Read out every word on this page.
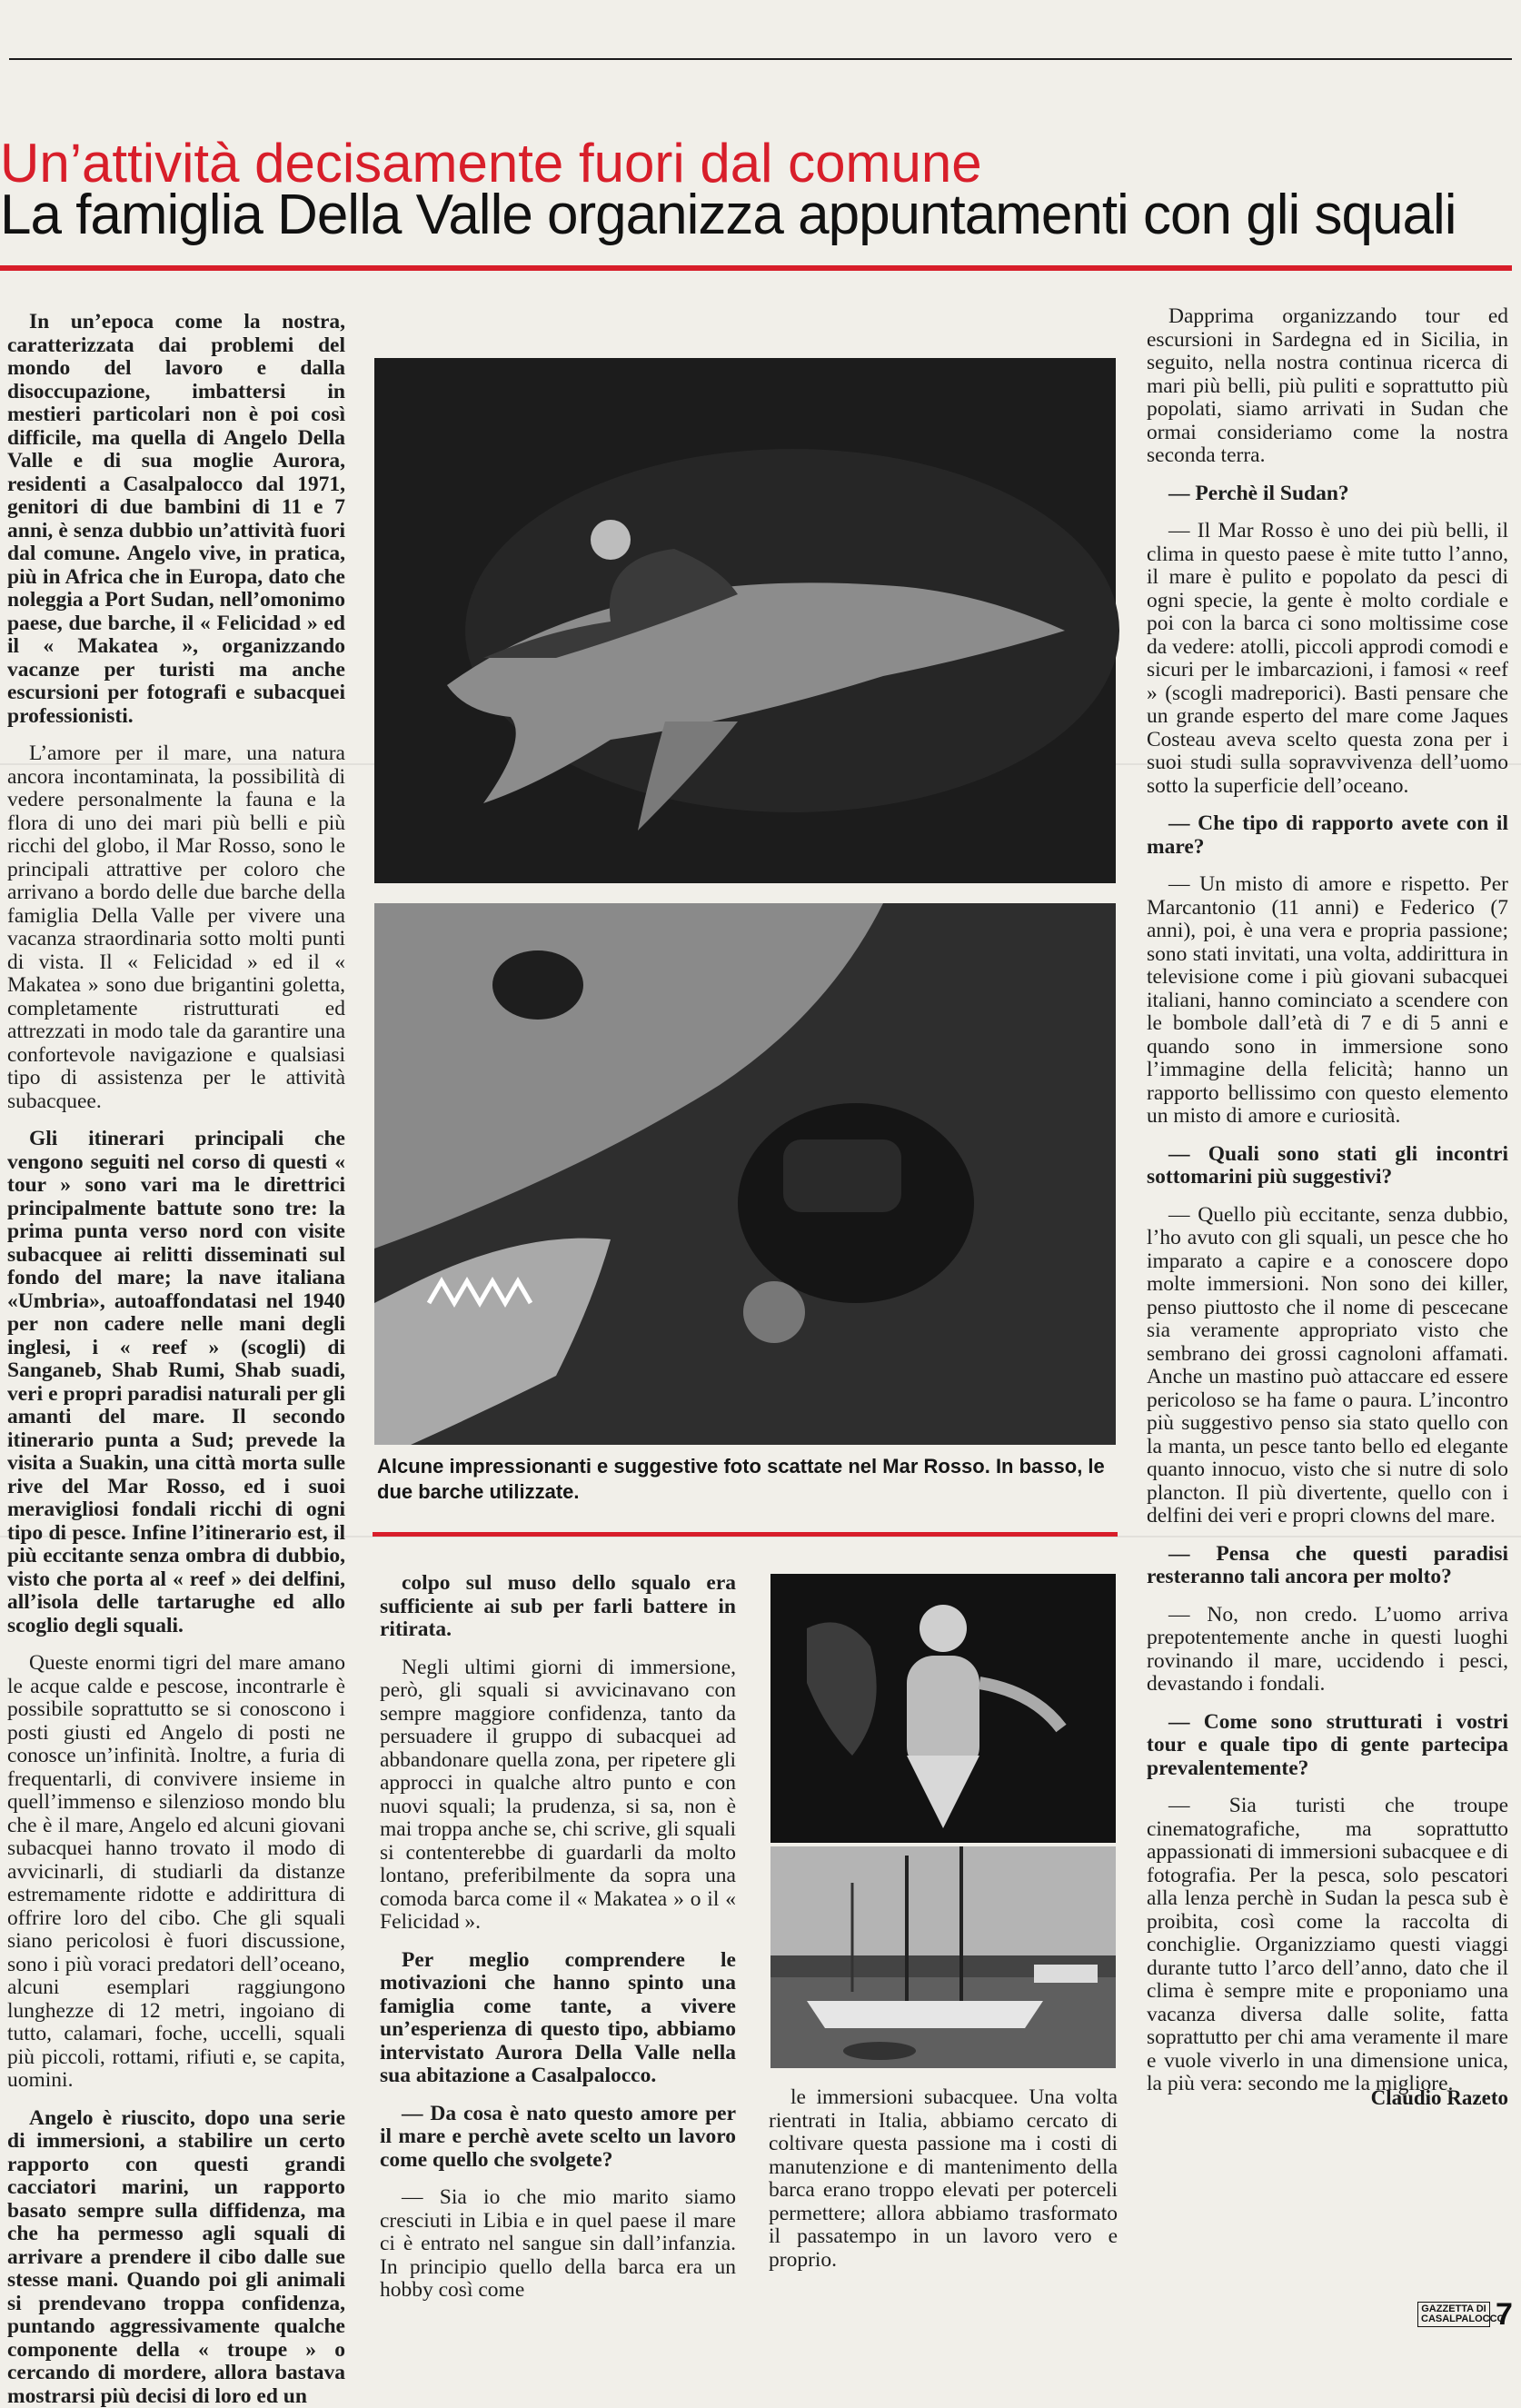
Un’attività decisamente fuori dal comune
La famiglia Della Valle organizza appuntamenti con gli squali

In un’epoca come la nostra, caratterizzata dai problemi del mondo del lavoro e dalla disoccupazione, imbattersi in mestieri particolari non è poi così difficile, ma quella di Angelo Della Valle e di sua moglie Aurora, residenti a Casalpalocco dal 1971, genitori di due bambini di 11 e 7 anni, è senza dubbio un’attività fuori dal comune. Angelo vive, in pratica, più in Africa che in Europa, dato che noleggia a Port Sudan, nell’omonimo paese, due barche, il « Felicidad » ed il « Makatea », organizzando vacanze per turisti ma anche escursioni per fotografi e subacquei professionisti.

L’amore per il mare, una natura ancora incontaminata, la possibilità di vedere personalmente la fauna e la flora di uno dei mari più belli e più ricchi del globo, il Mar Rosso, sono le principali attrattive per coloro che arrivano a bordo delle due barche della famiglia Della Valle per vivere una vacanza straordinaria sotto molti punti di vista. Il « Felicidad » ed il « Makatea » sono due brigantini goletta, completamente ristrutturati ed attrezzati in modo tale da garantire una confortevole navigazione e qualsiasi tipo di assistenza per le attività subacquee.

Gli itinerari principali che vengono seguiti nel corso di questi « tour » sono vari ma le direttrici principalmente battute sono tre: la prima punta verso nord con visite subacquee ai relitti disseminati sul fondo del mare; la nave italiana «Umbria», autoaffondatasi nel 1940 per non cadere nelle mani degli inglesi, i « reef » (scogli) di Sanganeb, Shab Rumi, Shab suadi, veri e propri paradisi naturali per gli amanti del mare. Il secondo itinerario punta a Sud; prevede la visita a Suakin, una città morta sulle rive del Mar Rosso, ed i suoi meravigliosi fondali ricchi di ogni tipo di pesce. Infine l’itinerario est, il più eccitante senza ombra di dubbio, visto che porta al « reef » dei delfini, all’isola delle tartarughe ed allo scoglio degli squali.

Queste enormi tigri del mare amano le acque calde e pescose, incontrarle è possibile soprattutto se si conoscono i posti giusti ed Angelo di posti ne conosce un’infinità. Inoltre, a furia di frequentarli, di convivere insieme in quell’immenso e silenzioso mondo blu che è il mare, Angelo ed alcuni giovani subacquei hanno trovato il modo di avvicinarli, di studiarli da distanze estremamente ridotte e addirittura di offrire loro del cibo. Che gli squali siano pericolosi è fuori discussione, sono i più voraci predatori dell’oceano, alcuni esemplari raggiungono lunghezze di 12 metri, ingoiano di tutto, calamari, foche, uccelli, squali più piccoli, rottami, rifiuti e, se capita, uomini.

Angelo è riuscito, dopo una serie di immersioni, a stabilire un certo rapporto con questi grandi cacciatori marini, un rapporto basato sempre sulla diffidenza, ma che ha permesso agli squali di arrivare a prendere il cibo dalle sue stesse mani. Quando poi gli animali si prendevano troppa confidenza, puntando aggressivamente qualche componente della « troupe » o cercando di mordere, allora bastava mostrarsi più decisi di loro ed un

Alcune impressionanti e suggestive foto scattate nel Mar Rosso. In basso, le due barche utilizzate.

colpo sul muso dello squalo era sufficiente ai sub per farli battere in ritirata.

Negli ultimi giorni di immersione, però, gli squali si avvicinavano con sempre maggiore confidenza, tanto da persuadere il gruppo di subacquei ad abbandonare quella zona, per ripetere gli approcci in qualche altro punto e con nuovi squali; la prudenza, si sa, non è mai troppa anche se, chi scrive, gli squali si contenterebbe di guardarli da molto lontano, preferibilmente da sopra una comoda barca come il « Makatea » o il « Felicidad ».

Per meglio comprendere le motivazioni che hanno spinto una famiglia come tante, a vivere un’esperienza di questo tipo, abbiamo intervistato Aurora Della Valle nella sua abitazione a Casalpalocco.

— Da cosa è nato questo amore per il mare e perchè avete scelto un lavoro come quello che svolgete?

— Sia io che mio marito siamo cresciuti in Libia e in quel paese il mare ci è entrato nel sangue sin dall’infanzia. In principio quello della barca era un hobby così come

le immersioni subacquee. Una volta rientrati in Italia, abbiamo cercato di coltivare questa passione ma i costi di manutenzione e di mantenimento della barca erano troppo elevati per poterceli permettere; allora abbiamo trasformato il passatempo in un lavoro vero e proprio.

Dapprima organizzando tour ed escursioni in Sardegna ed in Sicilia, in seguito, nella nostra continua ricerca di mari più belli, più puliti e soprattutto più popolati, siamo arrivati in Sudan che ormai consideriamo come la nostra seconda terra.

— Perchè il Sudan?

— Il Mar Rosso è uno dei più belli, il clima in questo paese è mite tutto l’anno, il mare è pulito e popolato da pesci di ogni specie, la gente è molto cordiale e poi con la barca ci sono moltissime cose da vedere: atolli, piccoli approdi comodi e sicuri per le imbarcazioni, i famosi « reef » (scogli madreporici). Basti pensare che un grande esperto del mare come Jaques Costeau aveva scelto questa zona per i suoi studi sulla sopravvivenza dell’uomo sotto la superficie dell’oceano.

— Che tipo di rapporto avete con il mare?

— Un misto di amore e rispetto. Per Marcantonio (11 anni) e Federico (7 anni), poi, è una vera e propria passione; sono stati invitati, una volta, addirittura in televisione come i più giovani subacquei italiani, hanno cominciato a scendere con le bombole dall’età di 7 e di 5 anni e quando sono in immersione sono l’immagine della felicità; hanno un rapporto bellissimo con questo elemento un misto di amore e curiosità.

— Quali sono stati gli incontri sottomarini più suggestivi?

— Quello più eccitante, senza dubbio, l’ho avuto con gli squali, un pesce che ho imparato a capire e a conoscere dopo molte immersioni. Non sono dei killer, penso piuttosto che il nome di pescecane sia veramente appropriato visto che sembrano dei grossi cagnoloni affamati. Anche un mastino può attaccare ed essere pericoloso se ha fame o paura. L’incontro più suggestivo penso sia stato quello con la manta, un pesce tanto bello ed elegante quanto innocuo, visto che si nutre di solo plancton. Il più divertente, quello con i delfini dei veri e propri clowns del mare.

— Pensa che questi paradisi resteranno tali ancora per molto?

— No, non credo. L’uomo arriva prepotentemente anche in questi luoghi rovinando il mare, uccidendo i pesci, devastando i fondali.

— Come sono strutturati i vostri tour e quale tipo di gente partecipa prevalentemente?

— Sia turisti che troupe cinematografiche, ma soprattutto appassionati di immersioni subacquee e di fotografia. Per la pesca, solo pescatori alla lenza perchè in Sudan la pesca sub è proibita, così come la raccolta di conchiglie. Organizziamo questi viaggi durante tutto l’arco dell’anno, dato che il clima è sempre mite e proponiamo una vacanza diversa dalle solite, fatta soprattutto per chi ama veramente il mare e vuole viverlo in una dimensione unica, la più vera: secondo me la migliore.

Claudio Razeto
GAZZETTA DI CASALPALOCCO
7
